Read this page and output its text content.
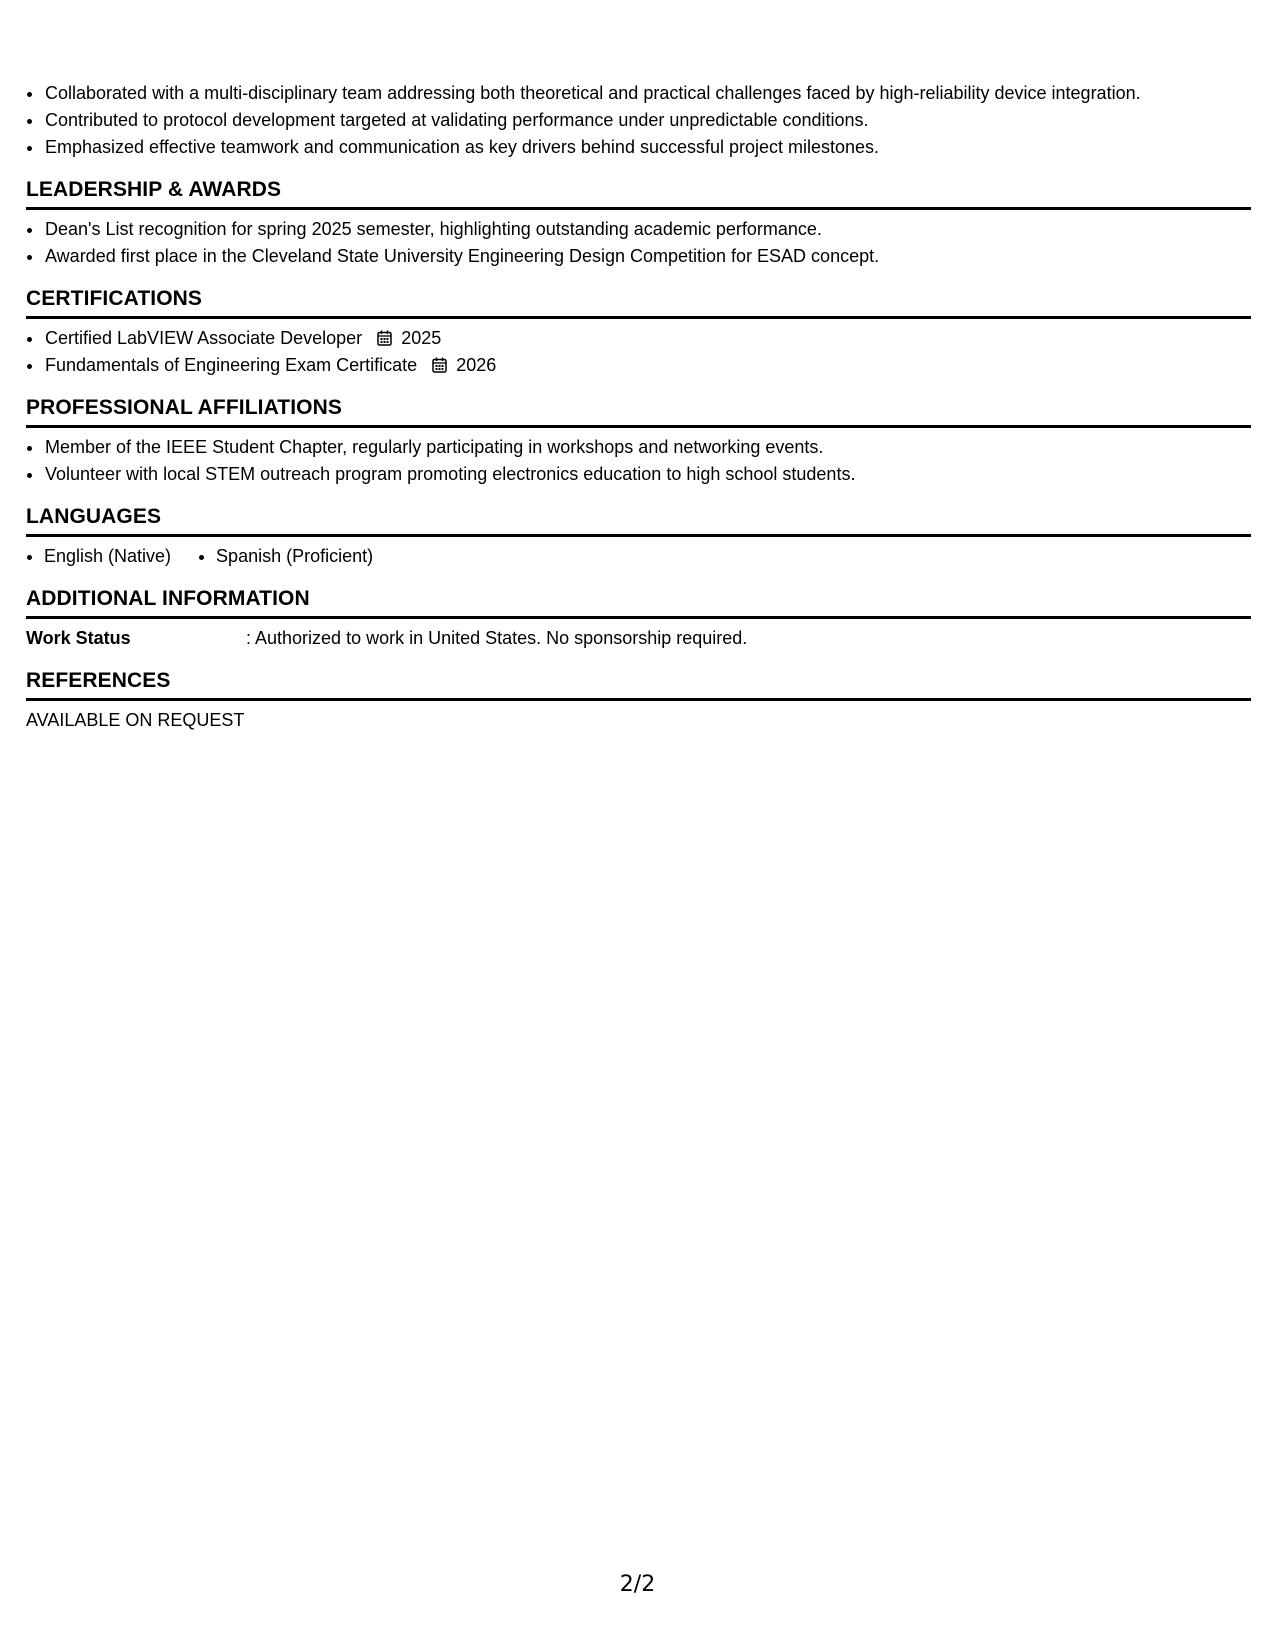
• Collaborated with a multi-disciplinary team addressing both theoretical and practical challenges faced by high-reliability device integration.
• Contributed to protocol development targeted at validating performance under unpredictable conditions.
• Emphasized effective teamwork and communication as key drivers behind successful project milestones.
LEADERSHIP & AWARDS
• Dean's List recognition for spring 2025 semester, highlighting outstanding academic performance.
• Awarded first place in the Cleveland State University Engineering Design Competition for ESAD concept.
CERTIFICATIONS
• Certified LabVIEW Associate Developer 2025
• Fundamentals of Engineering Exam Certificate 2026
PROFESSIONAL AFFILIATIONS
• Member of the IEEE Student Chapter, regularly participating in workshops and networking events.
• Volunteer with local STEM outreach program promoting electronics education to high school students.
LANGUAGES
English (Native)	Spanish (Proficient)
ADDITIONAL INFORMATION
Work Status	: Authorized to work in United States. No sponsorship required.
REFERENCES
AVAILABLE ON REQUEST
2/2
